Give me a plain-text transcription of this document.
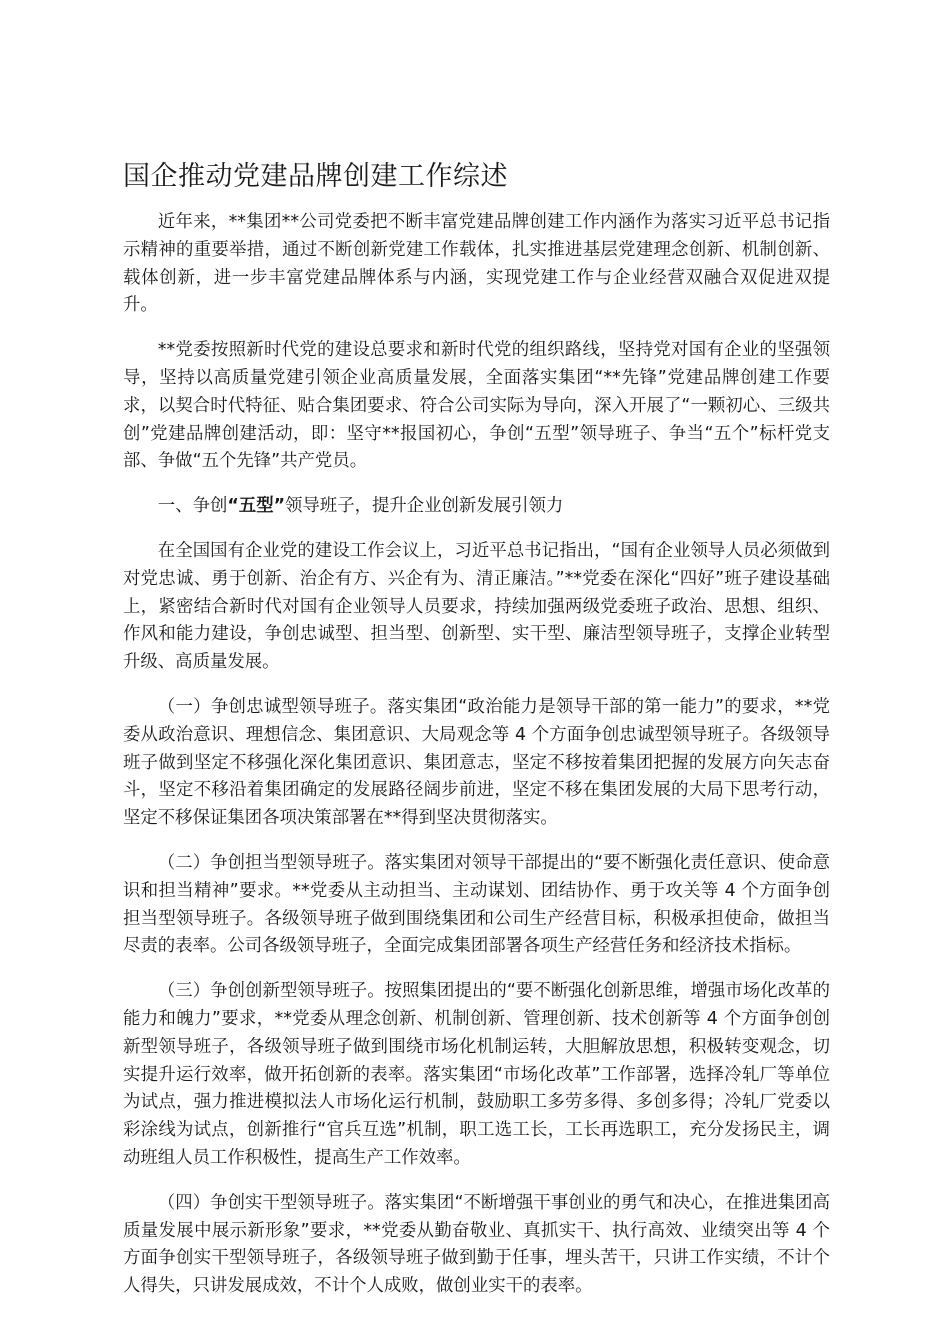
国企推动党建品牌创建工作综述

近年来，**集团**公司党委把不断丰富党建品牌创建工作内涵作为落实习近平总书记指示精神的重要举措，通过不断创新党建工作载体，扎实推进基层党建理念创新、机制创新、载体创新，进一步丰富党建品牌体系与内涵，实现党建工作与企业经营双融合双促进双提升。

**党委按照新时代党的建设总要求和新时代党的组织路线，坚持党对国有企业的坚强领导，坚持以高质量党建引领企业高质量发展，全面落实集团“**先锋”党建品牌创建工作要求，以契合时代特征、贴合集团要求、符合公司实际为导向，深入开展了“一颗初心、三级共创”党建品牌创建活动，即：坚守**报国初心，争创“五型”领导班子、争当“五个”标杆党支部、争做“五个先锋”共产党员。

一、争创“五型”领导班子，提升企业创新发展引领力

在全国国有企业党的建设工作会议上，习近平总书记指出，“国有企业领导人员必须做到对党忠诚、勇于创新、治企有方、兴企有为、清正廉洁。”**党委在深化“四好”班子建设基础上，紧密结合新时代对国有企业领导人员要求，持续加强两级党委班子政治、思想、组织、作风和能力建设，争创忠诚型、担当型、创新型、实干型、廉洁型领导班子，支撑企业转型升级、高质量发展。

（一）争创忠诚型领导班子。落实集团“政治能力是领导干部的第一能力”的要求，**党委从政治意识、理想信念、集团意识、大局观念等 4 个方面争创忠诚型领导班子。各级领导班子做到坚定不移强化深化集团意识、集团意志，坚定不移按着集团把握的发展方向矢志奋斗，坚定不移沿着集团确定的发展路径阔步前进，坚定不移在集团发展的大局下思考行动，坚定不移保证集团各项决策部署在**得到坚决贯彻落实。

（二）争创担当型领导班子。落实集团对领导干部提出的“要不断强化责任意识、使命意识和担当精神”要求。**党委从主动担当、主动谋划、团结协作、勇于攻关等 4 个方面争创担当型领导班子。各级领导班子做到围绕集团和公司生产经营目标，积极承担使命，做担当尽责的表率。公司各级领导班子，全面完成集团部署各项生产经营任务和经济技术指标。

（三）争创创新型领导班子。按照集团提出的“要不断强化创新思维，增强市场化改革的能力和魄力”要求，**党委从理念创新、机制创新、管理创新、技术创新等 4 个方面争创创新型领导班子，各级领导班子做到围绕市场化机制运转，大胆解放思想，积极转变观念，切实提升运行效率，做开拓创新的表率。落实集团“市场化改革”工作部署，选择冷轧厂等单位为试点，强力推进模拟法人市场化运行机制，鼓励职工多劳多得、多创多得；冷轧厂党委以彩涂线为试点，创新推行“官兵互选”机制，职工选工长，工长再选职工，充分发扬民主，调动班组人员工作积极性，提高生产工作效率。

（四）争创实干型领导班子。落实集团“不断增强干事创业的勇气和决心，在推进集团高质量发展中展示新形象”要求，**党委从勤奋敬业、真抓实干、执行高效、业绩突出等 4 个方面争创实干型领导班子，各级领导班子做到勤于任事，埋头苦干，只讲工作实绩，不计个人得失，只讲发展成效，不计个人成败，做创业实干的表率。
